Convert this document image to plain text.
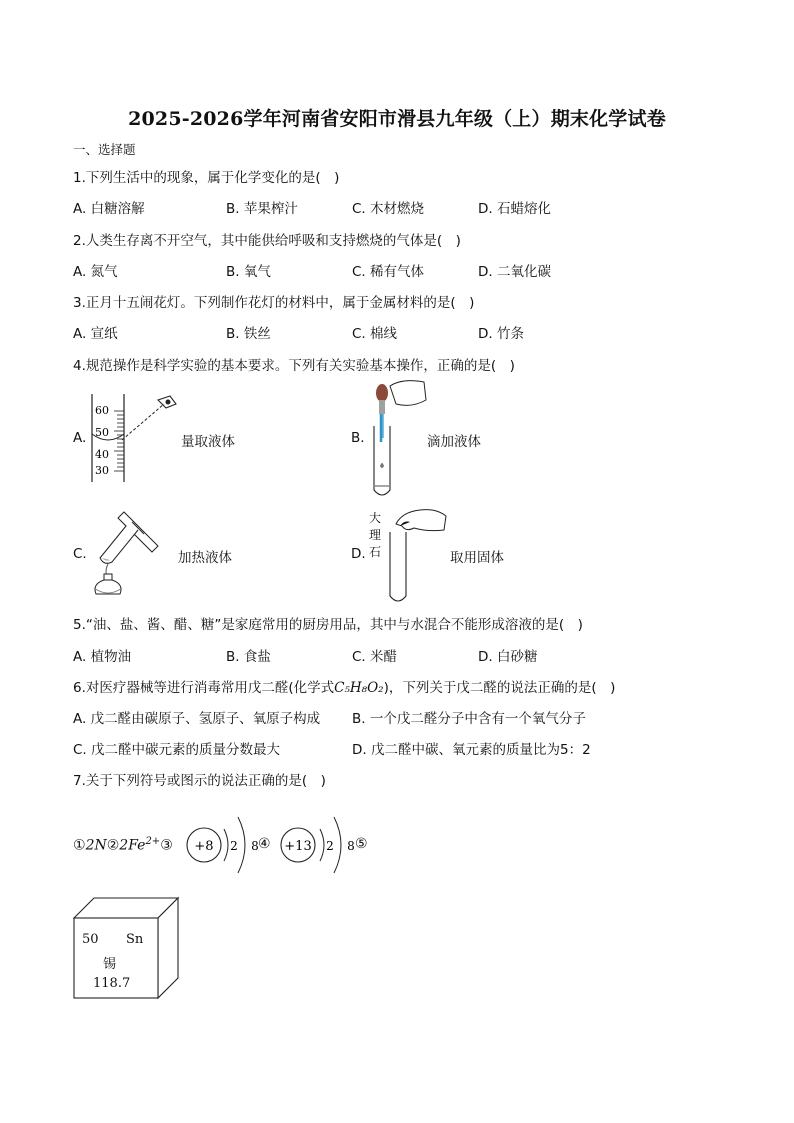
2025-2026学年河南省安阳市滑县九年级（上）期末化学试卷
一、选择题
1.下列生活中的现象，属于化学变化的是(　)
A. 白糖溶解	B. 苹果榨汁	C. 木材燃烧	D. 石蜡熔化
2.人类生存离不开空气，其中能供给呼吸和支持燃烧的气体是(　)
A. 氮气	B. 氧气	C. 稀有气体	D. 二氧化碳
3.正月十五闹花灯。下列制作花灯的材料中，属于金属材料的是(　)
A. 宣纸	B. 铁丝	C. 棉线	D. 竹条
4.规范操作是科学实验的基本要求。下列有关实验基本操作，正确的是(　)
A.
60
50
40
30
量取液体	B.	滴加液体
C.	加热液体	D.
大
理
石	取用固体
5.“油、盐、酱、醋、糖”是家庭常用的厨房用品，其中与水混合不能形成溶液的是(　)
A. 植物油	B. 食盐	C. 米醋	D. 白砂糖
6.对医疗器械等进行消毒常用戊二醛(化学式C₅H₈O₂)，下列关于戊二醛的说法正确的是(　)
A. 戊二醛由碳原子、氢原子、氧原子构成 B. 一个戊二醛分子中含有一个氧气分子
C. 戊二醛中碳元素的质量分数最大	D. 戊二醛中碳、氧元素的质量比为5：2
7.关于下列符号或图示的说法正确的是(　)
$①2N②2Fe^{2+}③ +8$ 2 8 +13 2 8
④	⑤
50 Sn
锡
118.7
